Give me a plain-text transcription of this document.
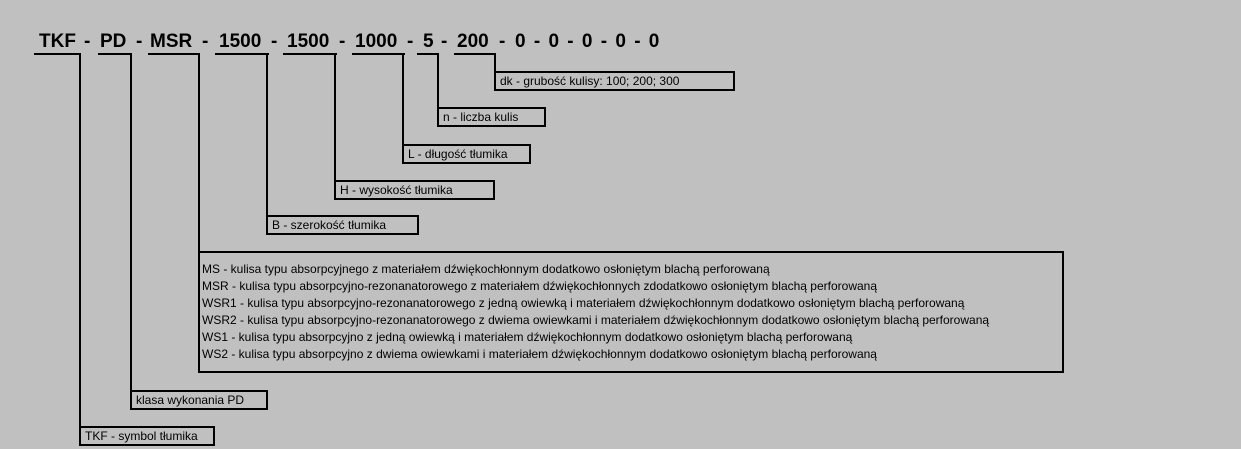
TKF - PD	-
MSR
-	1500 - 1500 - 1000 - 5 - 200 - 0 - 0 - 0 - 0 - 0
dk - grubość kulisy: 100; 200; 300
n - liczba kulis
L - długość tłumika
H - wysokość tłumika
B - szerokość tłumika
MS - kulisa typu absorpcyjnego z materiałem dźwiękochłonnym dodatkowo osłoniętym blachą perforowaną
MSR - kulisa typu absorpcyjno-rezonanatorowego z materiałem dźwiękochłonnych zdodatkowo osłoniętym blachą perforowaną
WSR1 - kulisa typu absorpcyjno-rezonanatorowego z jedną owiewką i materiałem dźwiękochłonnym dodatkowo osłoniętym blachą perforowaną
WSR2 - kulisa typu absorpcyjno-rezonanatorowego z dwiema owiewkami i materiałem dźwiękochłonnym dodatkowo osłoniętym blachą perforowaną
WS1 - kulisa typu absorpcyjno z jedną owiewką i materiałem dźwiękochłonnym dodatkowo osłoniętym blachą perforowaną
WS2 - kulisa typu absorpcyjno z dwiema owiewkami i materiałem dźwiękochłonnym dodatkowo osłoniętym blachą perforowaną
klasa wykonania PD
TKF - symbol tłumika
